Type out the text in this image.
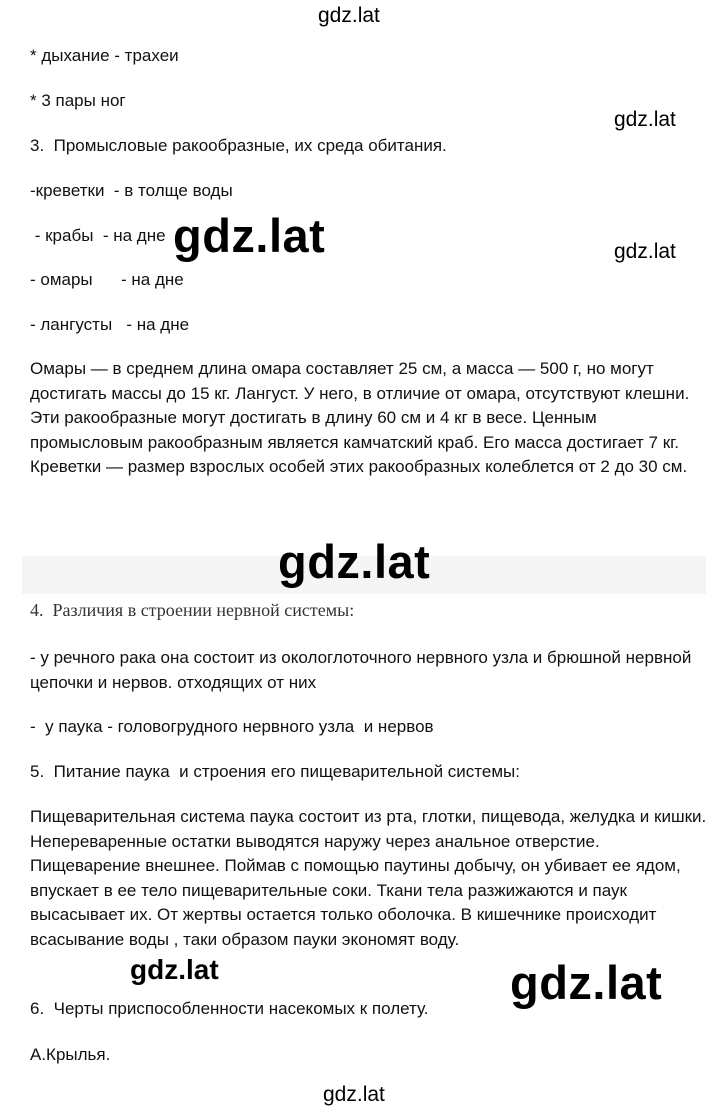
gdz.lat
* дыхание - трахеи
* 3 пары ног
gdz.lat
3.  Промысловые ракообразные, их среда обитания.
-креветки  - в толще воды
- крабы  - на дне gdz.lat	gdz.lat
- омары      - на дне
- лангусты   - на дне
Омары — в среднем длина омара составляет 25 см, а масса — 500 г, но могут достигать массы до 15 кг. Лангуст. У него, в отличие от омара, отсутствуют клешни. Эти ракообразные могут достигать в длину 60 см и 4 кг в весе. Ценным промысловым ракообразным является камчатский краб. Его масса достигает 7 кг. Креветки — размер взрослых особей этих ракообразных колеблется от 2 до 30 см.
gdz.lat
4.  Различия в строении нервной системы:
- у речного рака она состоит из окологлоточного нервного узла и брюшной нервной цепочки и нервов. отходящих от них
-  у паука - головогрудного нервного узла  и нервов
5.  Питание паука  и строения его пищеварительной системы:
Пищеварительная система паука состоит из рта, глотки, пищевода, желудка и кишки. Непереваренные остатки выводятся наружу через анальное отверстие. Пищеварение внешнее. Поймав с помощью паутины добычу, он убивает ее ядом, впускает в ее тело пищеварительные соки. Ткани тела разжижаются и паук высасывает их. От жертвы остается только оболочка. В кишечнике происходит всасывание воды , таки образом пауки экономят воду.
gdz.lat
gdz.lat
6.  Черты приспособленности насекомых к полету.
А.Крылья.
gdz.lat
